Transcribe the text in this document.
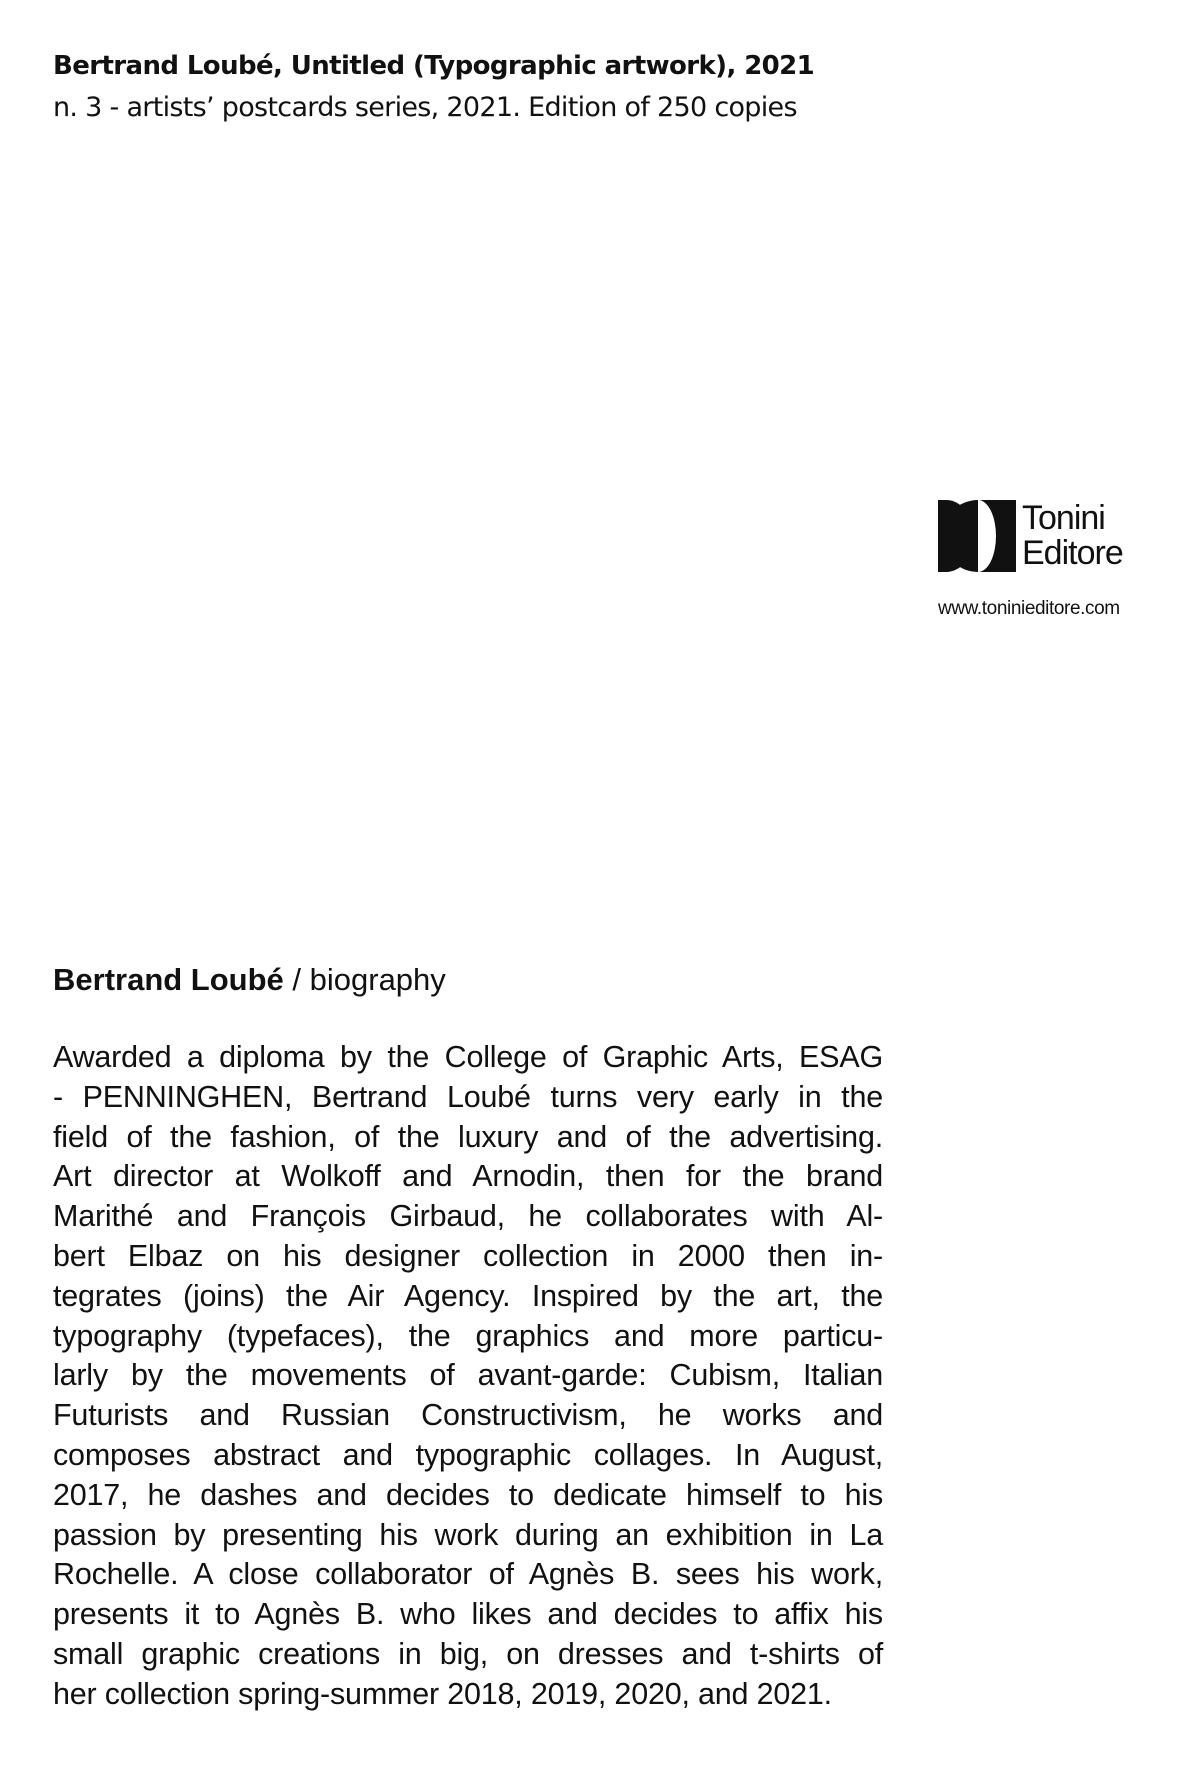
Bertrand Loubé, Untitled (Typographic artwork), 2021
n. 3 - artists’ postcards series, 2021. Edition of 250 copies
Tonini
Editore
www.toninieditore.com
Bertrand Loubé / biography
Awarded a diploma by the College of Graphic Arts, ESAG
- PENNINGHEN, Bertrand Loubé turns very early in the
field of the fashion, of the luxury and of the advertising.
Art director at Wolkoff and Arnodin, then for the brand
Marithé and François Girbaud, he collaborates with Al-
bert Elbaz on his designer collection in 2000 then in-
tegrates (joins) the Air Agency. Inspired by the art, the
typography (typefaces), the graphics and more particu-
larly by the movements of avant-garde: Cubism, Italian
Futurists and Russian Constructivism, he works and
composes abstract and typographic collages. In August,
2017, he dashes and decides to dedicate himself to his
passion by presenting his work during an exhibition in La
Rochelle. A close collaborator of Agnès B. sees his work,
presents it to Agnès B. who likes and decides to affix his
small graphic creations in big, on dresses and t-shirts of
her collection spring-summer 2018, 2019, 2020, and 2021.
